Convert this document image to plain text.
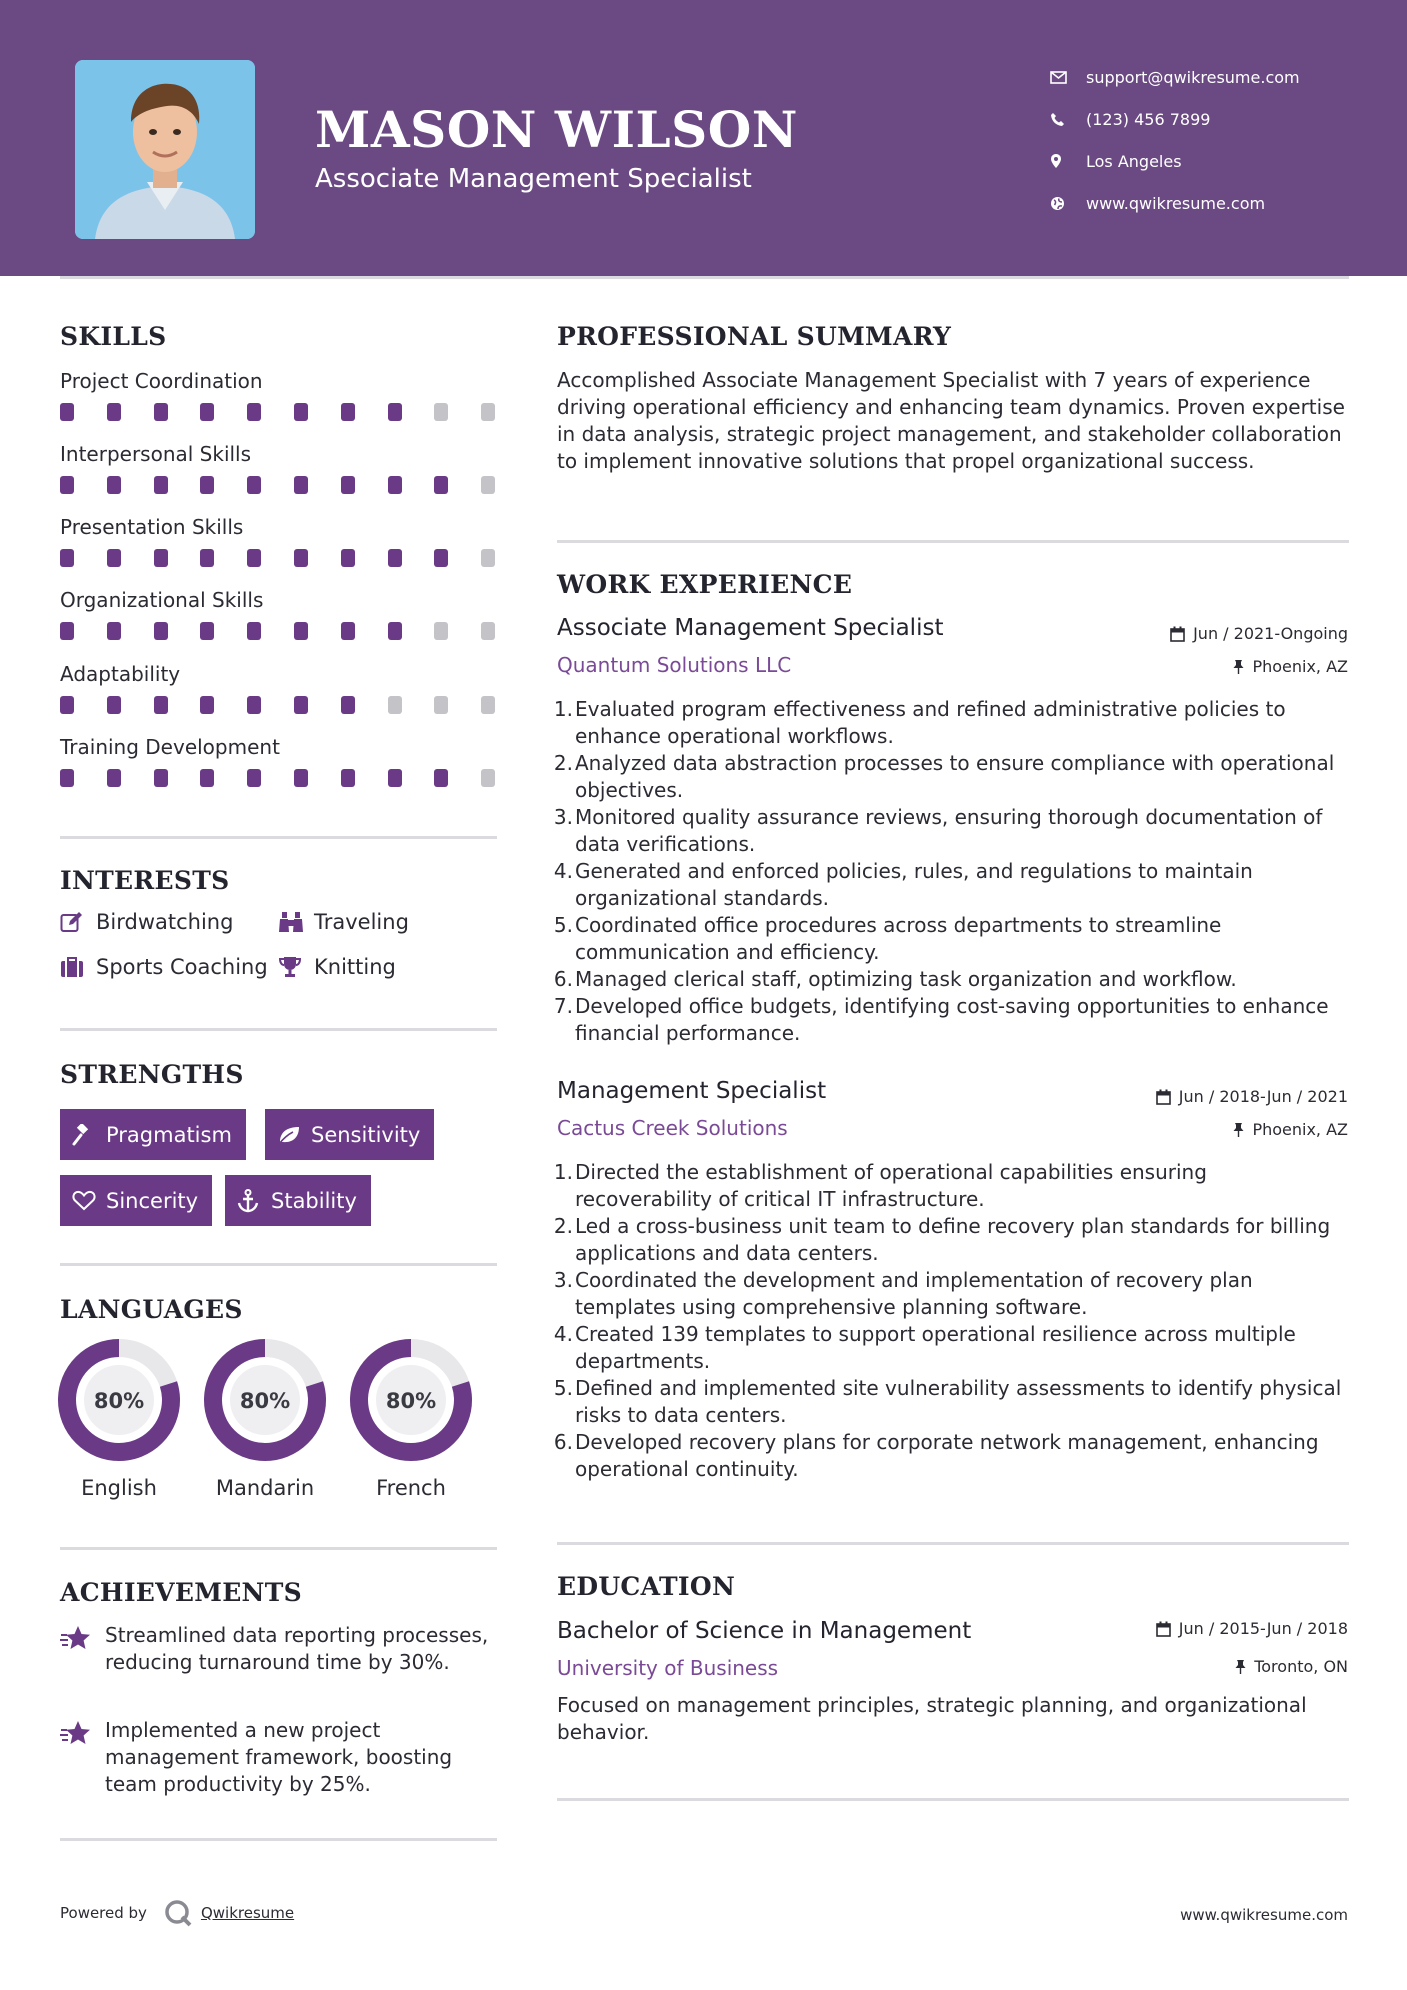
MASON WILSON
Associate Management Specialist
support@qwikresume.com
(123) 456 7899
Los Angeles
www.qwikresume.com
SKILLS
Project Coordination
Interpersonal Skills
Presentation Skills
Organizational Skills
Adaptability
Training Development
INTERESTS
Birdwatching	Traveling
Sports Coaching Knitting
STRENGTHS
Pragmatism	Sensitivity
Sincerity	Stability
LANGUAGES
80%
English
80%
Mandarin
80%
French
ACHIEVEMENTS
Streamlined data reporting processes, reducing turnaround time by 30%.
Implemented a new project management framework, boosting team productivity by 25%.
PROFESSIONAL SUMMARY
Accomplished Associate Management Specialist with 7 years of experience driving operational efficiency and enhancing team dynamics. Proven expertise in data analysis, strategic project management, and stakeholder collaboration to implement innovative solutions that propel organizational success.
WORK EXPERIENCE
Associate Management Specialist	Jun / 2021-Ongoing
Quantum Solutions LLC	Phoenix, AZ
1. Evaluated program effectiveness and refined administrative policies to enhance operational workflows.
2. Analyzed data abstraction processes to ensure compliance with operational objectives.
3. Monitored quality assurance reviews, ensuring thorough documentation of data verifications.
4. Generated and enforced policies, rules, and regulations to maintain organizational standards.
5. Coordinated office procedures across departments to streamline communication and efficiency.
6. Managed clerical staff, optimizing task organization and workflow.
7. Developed office budgets, identifying cost-saving opportunities to enhance financial performance.
Management Specialist	Jun / 2018-Jun / 2021
Cactus Creek Solutions	Phoenix, AZ
1. Directed the establishment of operational capabilities ensuring recoverability of critical IT infrastructure.
2. Led a cross-business unit team to define recovery plan standards for billing applications and data centers.
3. Coordinated the development and implementation of recovery plan templates using comprehensive planning software.
4. Created 139 templates to support operational resilience across multiple departments.
5. Defined and implemented site vulnerability assessments to identify physical risks to data centers.
6. Developed recovery plans for corporate network management, enhancing operational continuity.
EDUCATION
Bachelor of Science in Management	Jun / 2015-Jun / 2018
University of Business	Toronto, ON
Focused on management principles, strategic planning, and organizational behavior.
Powered by	Qwikresume	www.qwikresume.com
